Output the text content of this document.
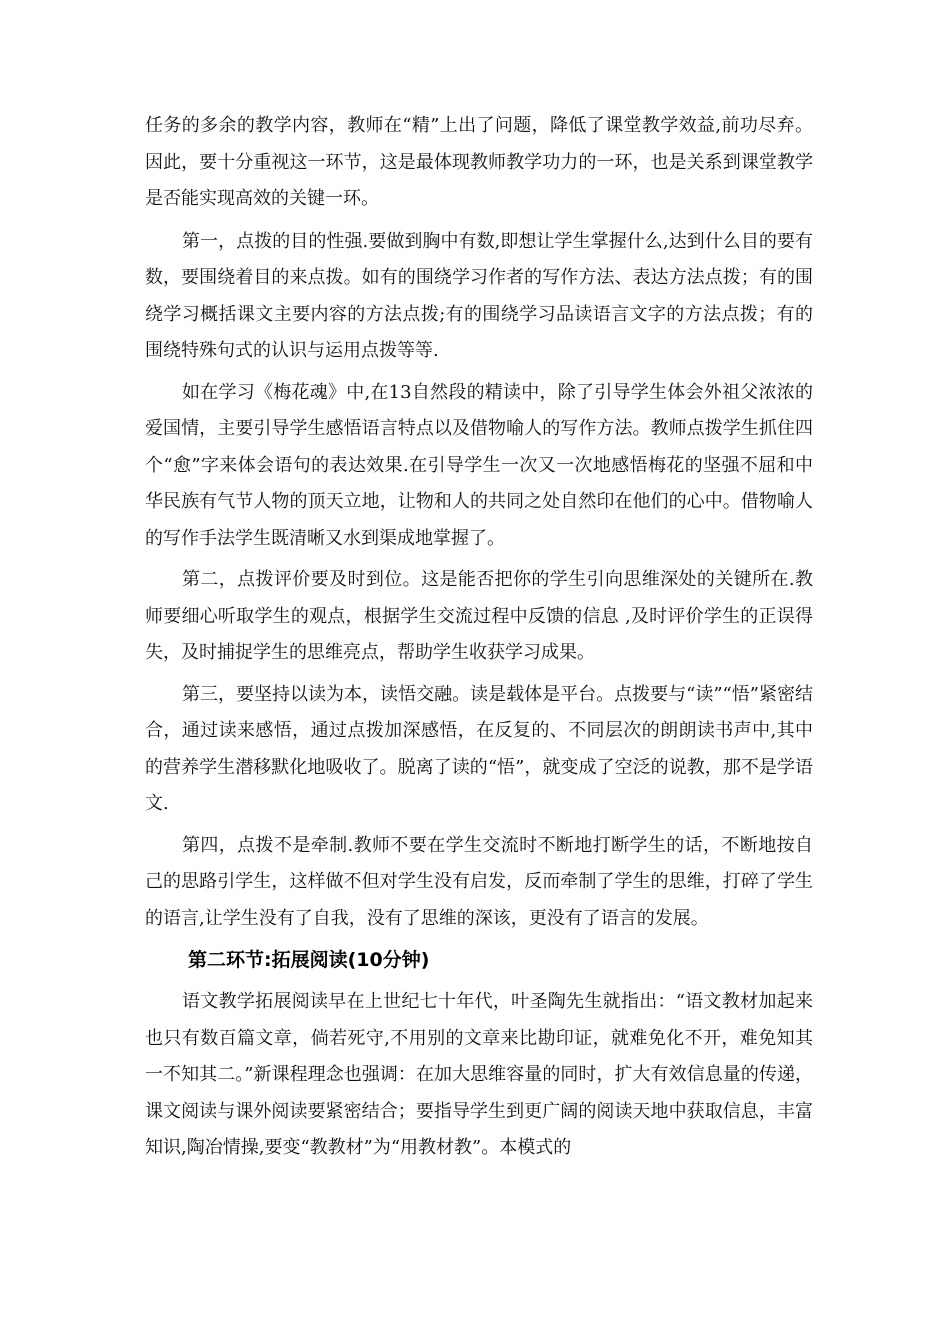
任务的多余的教学内容，教师在“精”上出了问题，降低了课堂教学效益,前功尽弃。因此，要十分重视这一环节，这是最体现教师教学功力的一环，也是关系到课堂教学是否能实现高效的关键一环。

第一，点拨的目的性强.要做到胸中有数,即想让学生掌握什么,达到什么目的要有数，要围绕着目的来点拨。如有的围绕学习作者的写作方法、表达方法点拨；有的围绕学习概括课文主要内容的方法点拨;有的围绕学习品读语言文字的方法点拨；有的围绕特殊句式的认识与运用点拨等等.

如在学习《梅花魂》中,在13自然段的精读中，除了引导学生体会外祖父浓浓的爱国情，主要引导学生感悟语言特点以及借物喻人的写作方法。教师点拨学生抓住四个“愈”字来体会语句的表达效果.在引导学生一次又一次地感悟梅花的坚强不屈和中华民族有气节人物的顶天立地，让物和人的共同之处自然印在他们的心中。借物喻人的写作手法学生既清晰又水到渠成地掌握了。

第二，点拨评价要及时到位。这是能否把你的学生引向思维深处的关键所在.教师要细心听取学生的观点，根据学生交流过程中反馈的信息 ,及时评价学生的正误得失，及时捕捉学生的思维亮点，帮助学生收获学习成果。

第三，要坚持以读为本，读悟交融。读是载体是平台。点拨要与“读”“悟”紧密结合，通过读来感悟，通过点拨加深感悟，在反复的、不同层次的朗朗读书声中,其中的营养学生潜移默化地吸收了。脱离了读的“悟”，就变成了空泛的说教，那不是学语文.

第四，点拨不是牵制.教师不要在学生交流时不断地打断学生的话，不断地按自己的思路引学生，这样做不但对学生没有启发，反而牵制了学生的思维，打碎了学生的语言,让学生没有了自我，没有了思维的深该，更没有了语言的发展。

第二环节:拓展阅读(10分钟)

语文教学拓展阅读早在上世纪七十年代，叶圣陶先生就指出：“语文教材加起来也只有数百篇文章，倘若死守,不用别的文章来比勘印证，就难免化不开，难免知其一不知其二。”新课程理念也强调：在加大思维容量的同时，扩大有效信息量的传递，课文阅读与课外阅读要紧密结合；要指导学生到更广阔的阅读天地中获取信息，丰富知识,陶冶情操,要变“教教材”为“用教材教”。本模式的
